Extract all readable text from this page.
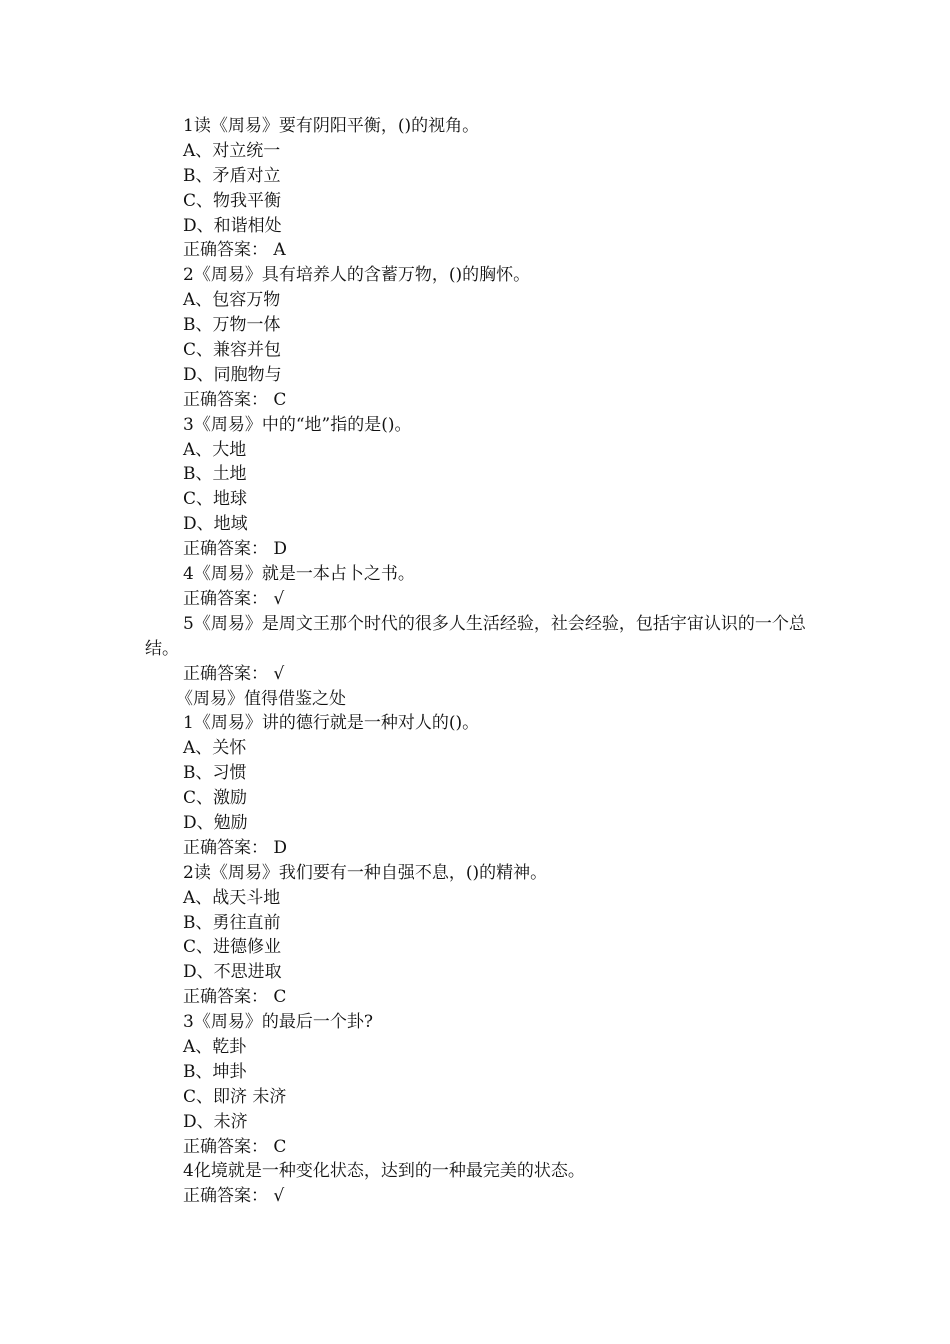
1读《周易》要有阴阳平衡，()的视角。
A、对立统一
B、矛盾对立
C、物我平衡
D、和谐相处
正确答案： A
2《周易》具有培养人的含蓄万物，()的胸怀。
A、包容万物
B、万物一体
C、兼容并包
D、同胞物与
正确答案： C
3《周易》中的“地”指的是()。
A、大地
B、土地
C、地球
D、地域
正确答案： D
4《周易》就是一本占卜之书。
正确答案： √
5《周易》是周文王那个时代的很多人生活经验，社会经验，包括宇宙认识的一个总结。
正确答案： √
《周易》值得借鉴之处
1《周易》讲的德行就是一种对人的()。
A、关怀
B、习惯
C、激励
D、勉励
正确答案： D
2读《周易》我们要有一种自强不息，()的精神。
A、战天斗地
B、勇往直前
C、进德修业
D、不思进取
正确答案： C
3《周易》的最后一个卦?
A、乾卦
B、坤卦
C、即济 未济
D、未济
正确答案： C
4化境就是一种变化状态，达到的一种最完美的状态。
正确答案： √
